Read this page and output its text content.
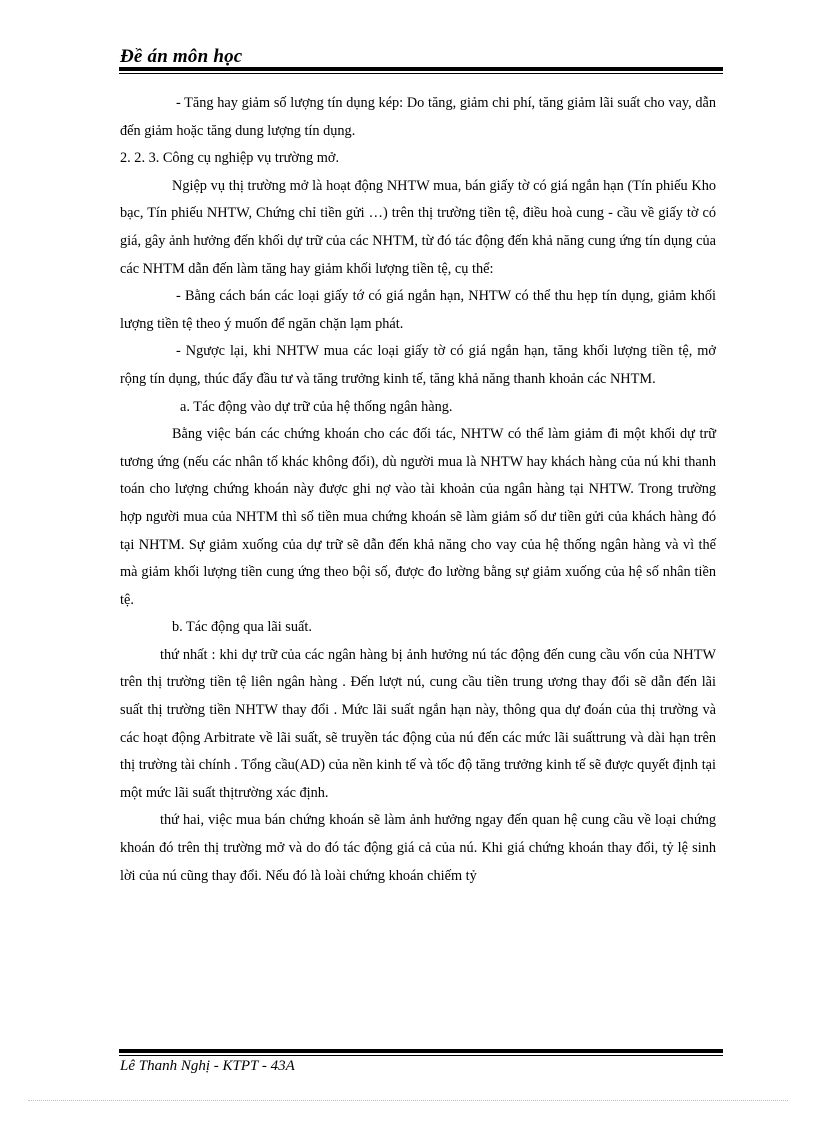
Đề án môn học

- Tăng hay giảm số lượng tín dụng kép: Do tăng, giảm chi phí, tăng giảm lãi suất cho vay, dẫn đến giảm hoặc tăng dung lượng tín dụng.

2. 2. 3. Công cụ nghiệp vụ trường mở.

Ngiệp vụ thị trường mở là hoạt động NHTW mua, bán giấy tờ có giá ngắn hạn (Tín phiếu Kho bạc, Tín phiếu NHTW, Chứng chỉ tiền gửi …) trên thị trường tiền tệ, điều hoà cung - cầu về giấy tờ có giá, gây ảnh hưởng đến khối dự trữ của các NHTM, từ đó tác động đến khả năng cung ứng tín dụng của các NHTM dẫn đến làm tăng hay giảm khối lượng tiền tệ, cụ thể:

- Bằng cách bán các loại giấy tớ có giá ngắn hạn, NHTW có thể thu hẹp tín dụng, giảm khối lượng tiền tệ theo ý muốn để ngăn chặn lạm phát.

- Ngược lại, khi NHTW mua các loại giấy tờ có giá ngắn hạn, tăng khối lượng tiền tệ, mở rộng tín dụng, thúc đẩy đầu tư và tăng trưởng kinh tế, tăng khả năng thanh khoản các NHTM.

a. Tác động vào dự trữ của hệ thống ngân hàng.

Bằng việc bán các chứng khoán cho các đối tác, NHTW có thể làm giảm đi một khối dự trữ tương ứng (nếu các nhân tố khác không đổi), dù người mua là NHTW hay khách hàng của nú khi thanh toán cho lượng chứng khoán này được ghi nợ vào tài khoản của ngân hàng tại NHTW. Trong trường hợp người mua của NHTM thì số tiền mua chứng khoán sẽ làm giảm số dư tiền gửi của khách hàng đó tại NHTM. Sự giảm xuống của dự trữ sẽ dẫn đến khả năng cho vay của hệ thống ngân hàng và vì thế mà giảm khối lượng tiền cung ứng theo bội số, được đo lường bằng sự giảm xuống của hệ số nhân tiền tệ.

b. Tác động qua lãi suất.

thứ nhất : khi dự trữ của các ngân hàng bị ảnh hưởng nú tác động đến cung cầu vốn của NHTW trên thị trường tiền tệ liên ngân hàng . Đến lượt nú, cung cầu tiền trung ương thay đổi sẽ dẫn đến lãi suất thị trường tiền NHTW thay đổi . Mức lãi suất ngắn hạn này, thông qua dự đoán của thị trường và các hoạt động Arbitrate về lãi suất, sẽ truyền tác động của nú đến các mức lãi suấttrung và dài hạn trên thị trường tài chính . Tổng cầu(AD) của nền kinh tế và tốc độ tăng trưởng kinh tế sẽ được quyết định tại một mức lãi suất thịtrường xác định.

thứ hai, việc mua bán chứng khoán sẽ làm ảnh hưởng ngay đến quan hệ cung cầu về loại chứng khoán đó trên thị trường mở và do đó tác động giá cả của nú. Khi giá chứng khoán thay đổi, tỷ lệ sinh lời của nú cũng thay đổi. Nếu đó là loài chứng khoán chiếm tỷ

Lê Thanh Nghị - KTPT - 43A
